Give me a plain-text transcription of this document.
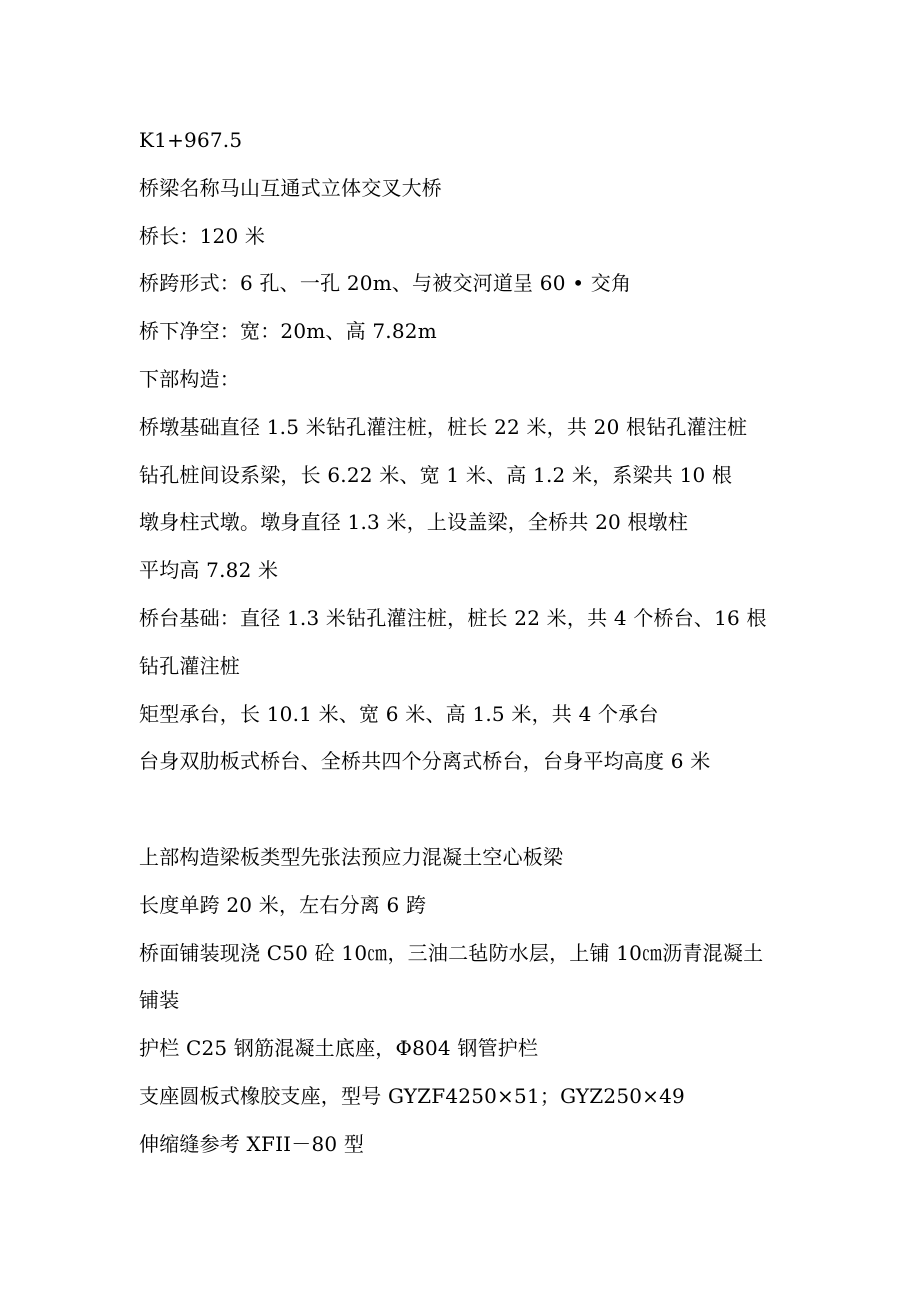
K1+967.5
桥梁名称马山互通式立体交叉大桥
桥长：120 米
桥跨形式：6 孔、一孔 20m、与被交河道呈 60 • 交角
桥下净空：宽：20m、高 7.82m
下部构造：
桥墩基础直径 1.5 米钻孔灌注桩，桩长 22 米，共 20 根钻孔灌注桩
钻孔桩间设系梁，长 6.22 米、宽 1 米、高 1.2 米，系梁共 10 根
墩身柱式墩。墩身直径 1.3 米，上设盖梁，全桥共 20 根墩柱
平均高 7.82 米
桥台基础：直径 1.3 米钻孔灌注桩，桩长 22 米，共 4 个桥台、16 根
钻孔灌注桩
矩型承台，长 10.1 米、宽 6 米、高 1.5 米，共 4 个承台
台身双肋板式桥台、全桥共四个分离式桥台，台身平均高度 6 米
上部构造梁板类型先张法预应力混凝土空心板梁
长度单跨 20 米，左右分离 6 跨
桥面铺装现浇 C50 砼 10㎝，三油二毡防水层，上铺 10㎝沥青混凝土
铺装
护栏 C25 钢筋混凝土底座，Φ804 钢管护栏
支座圆板式橡胶支座，型号 GYZF4250×51；GYZ250×49
伸缩缝参考 XFII－80 型
